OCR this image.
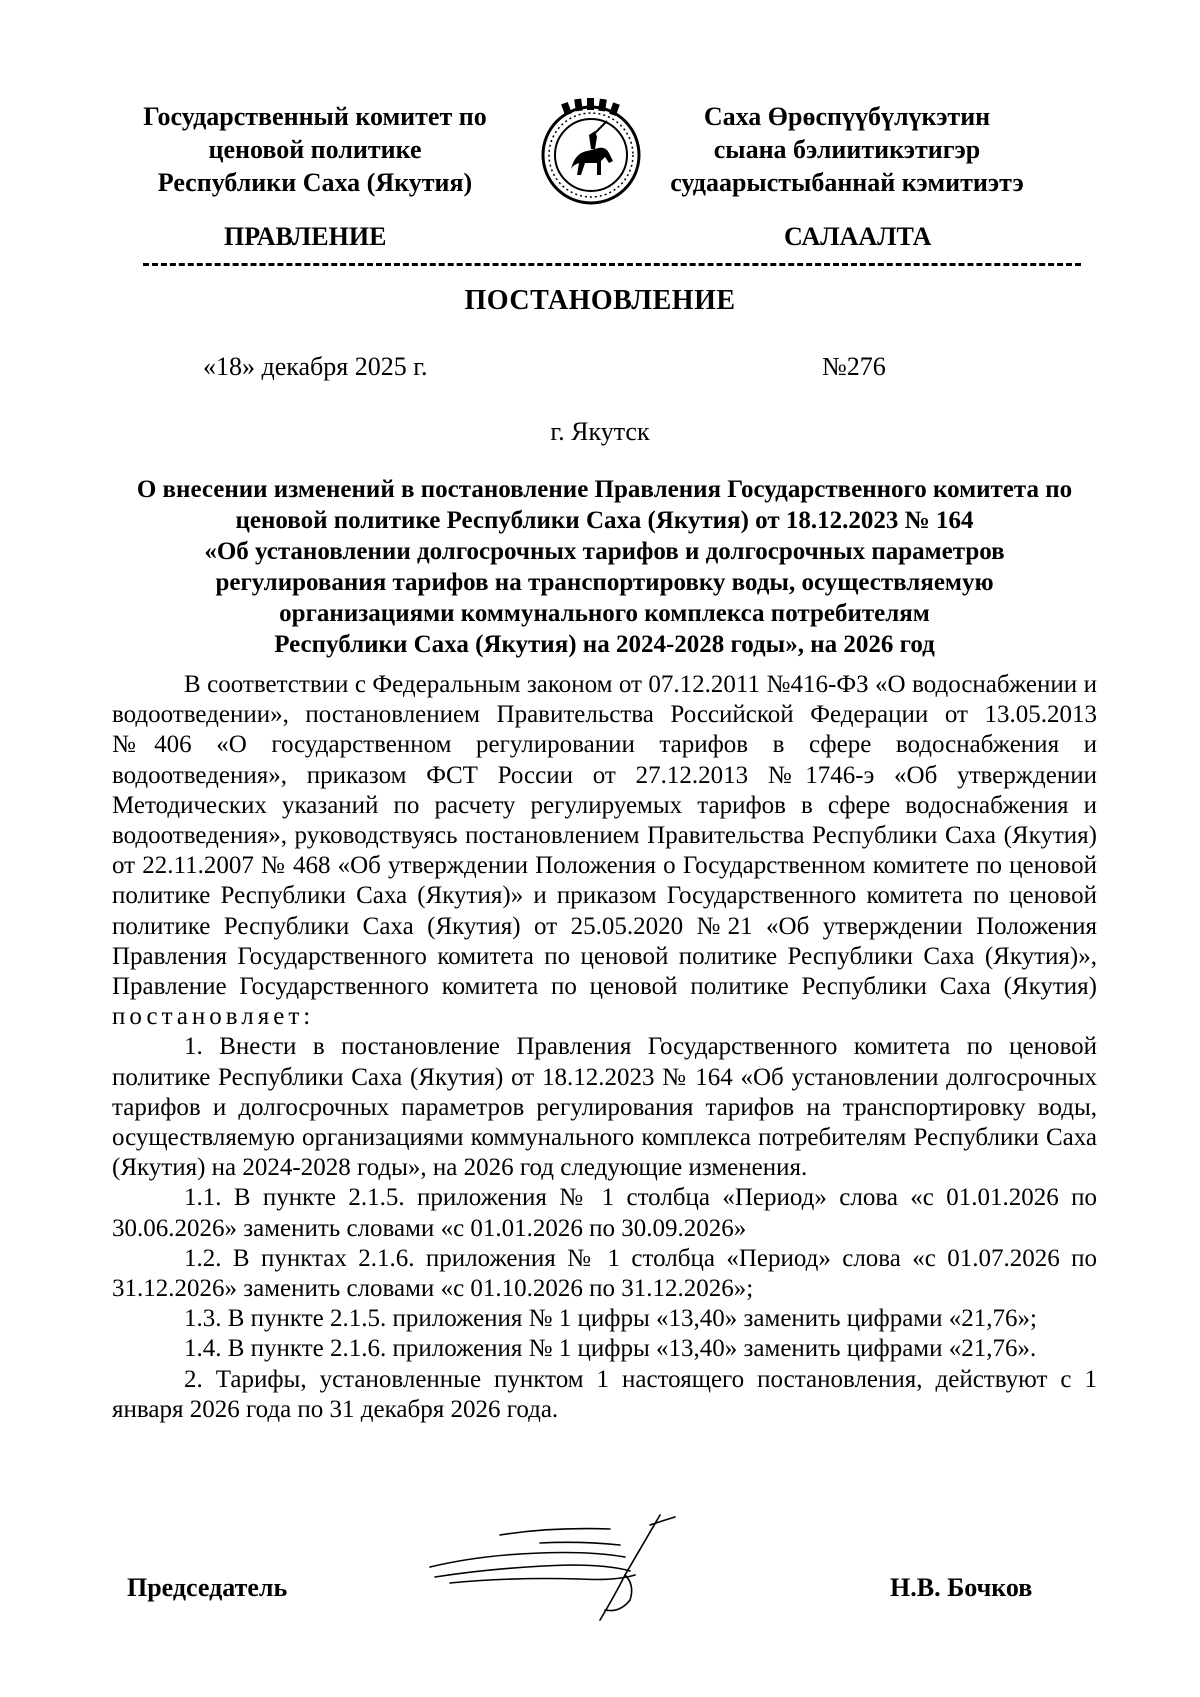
Государственный комитет по
ценовой политике
Республики Саха (Якутия)
Саха Өрөспүүбүлүкэтин
сыана бэлиитикэтигэр
судаарыстыбаннай кэмитиэтэ
ПРАВЛЕНИЕ	САЛААЛТА
ПОСТАНОВЛЕНИЕ
«18» декабря 2025 г.	№276
г. Якутск
О внесении изменений в постановление Правления Государственного комитета по
ценовой политике Республики Саха (Якутия) от 18.12.2023 № 164
«Об установлении долгосрочных тарифов и долгосрочных параметров
регулирования тарифов на транспортировку воды, осуществляемую
организациями коммунального комплекса потребителям
Республики Саха (Якутия) на 2024-2028 годы», на 2026 год

В соответствии с Федеральным законом от 07.12.2011 №416-ФЗ «О водоснабжении и водоотведении», постановлением Правительства Российской Федерации от 13.05.2013 №406 «О государственном регулировании тарифов в сфере водоснабжения и водоотведения», приказом ФСТ России от 27.12.2013 №1746-э «Об утверждении Методических указаний по расчету регулируемых тарифов в сфере водоснабжения и водоотведения», руководствуясь постановлением Правительства Республики Саха (Якутия) от 22.11.2007 № 468 «Об утверждении Положения о Государственном комитете по ценовой политике Республики Саха (Якутия)» и приказом Государственного комитета по ценовой политике Республики Саха (Якутия) от 25.05.2020 №21 «Об утверждении Положения Правления Государственного комитета по ценовой политике Республики Саха (Якутия)», Правление Государственного комитета по ценовой политике Республики Саха (Якутия) постановляет:

1. Внести в постановление Правления Государственного комитета по ценовой политике Республики Саха (Якутия) от 18.12.2023 № 164 «Об установлении долгосрочных тарифов и долгосрочных параметров регулирования тарифов на транспортировку воды, осуществляемую организациями коммунального комплекса потребителям Республики Саха (Якутия) на 2024-2028 годы», на 2026 год следующие изменения.

1.1. В пункте 2.1.5. приложения № 1 столбца «Период» слова «с 01.01.2026 по 30.06.2026» заменить словами «с 01.01.2026 по 30.09.2026»

1.2. В пунктах 2.1.6. приложения № 1 столбца «Период» слова «с 01.07.2026 по 31.12.2026» заменить словами «с 01.10.2026 по 31.12.2026»;

1.3. В пункте 2.1.5. приложения № 1 цифры «13,40» заменить цифрами «21,76»;

1.4. В пункте 2.1.6. приложения № 1 цифры «13,40» заменить цифрами «21,76».

2. Тарифы, установленные пунктом 1 настоящего постановления, действуют с 1 января 2026 года по 31 декабря 2026 года.

Председатель	Н.В. Бочков
